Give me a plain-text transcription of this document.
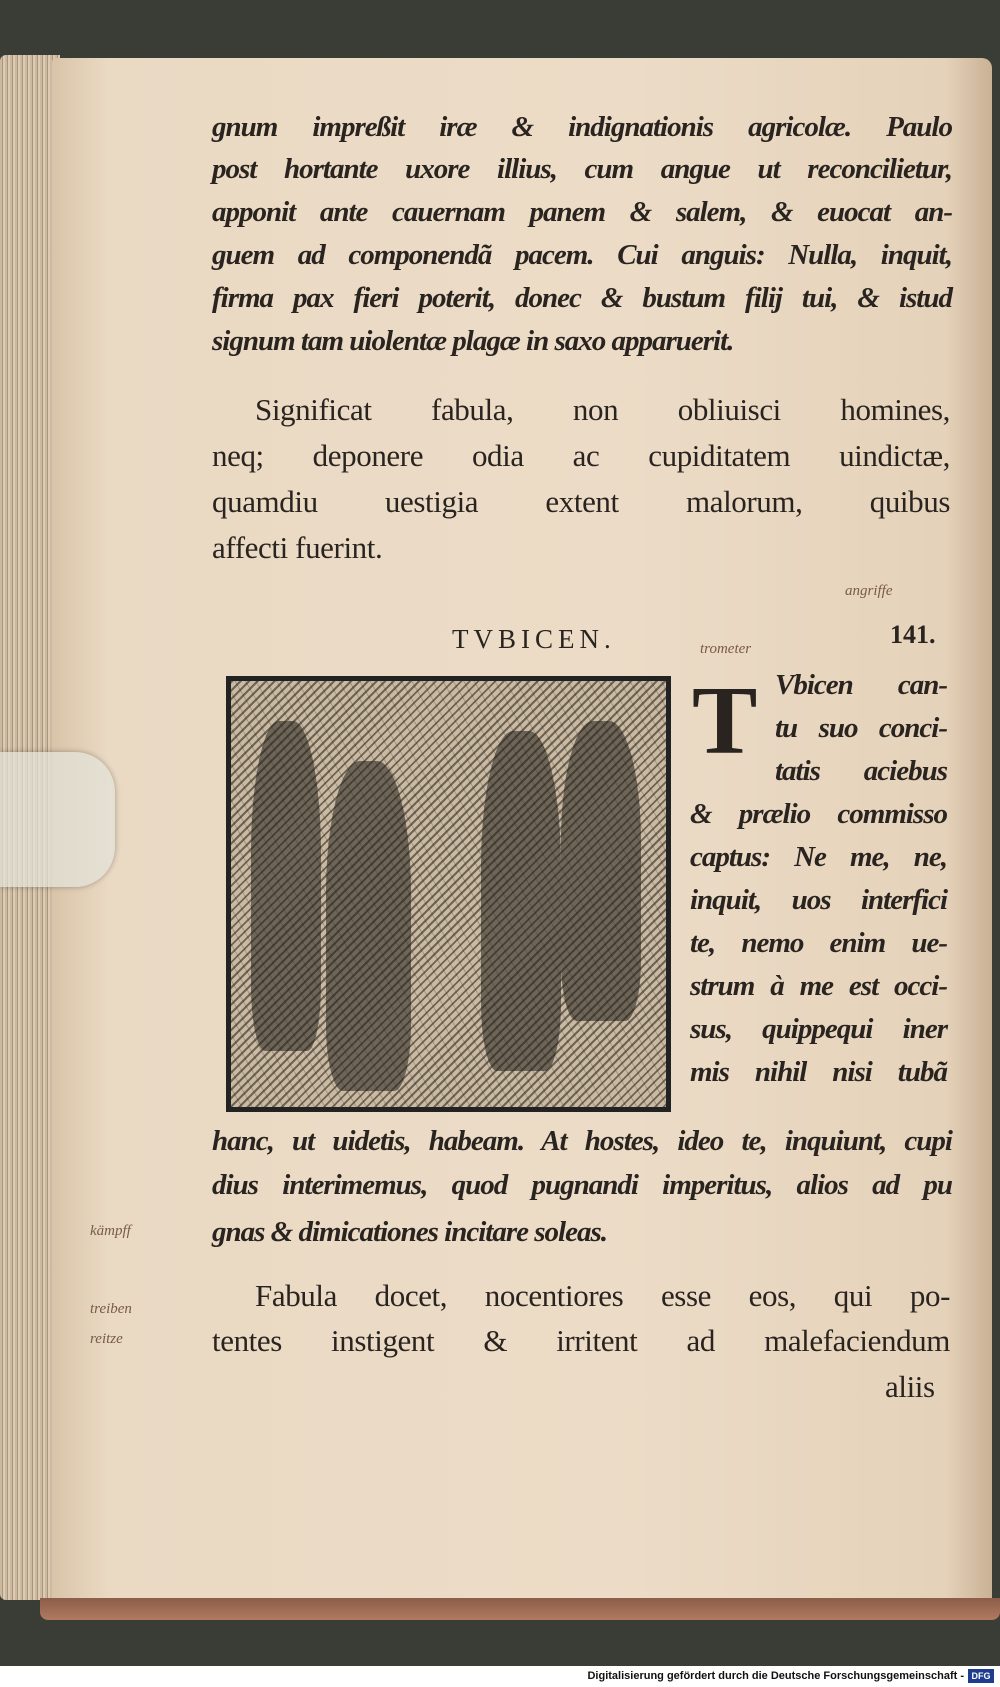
gnum impreßit iræ & indignationis agricolæ. Paulo
post hortante uxore illius, cum angue ut reconcilietur,
apponit ante cauernam panem & salem, & euocat an-
guem ad componendã pacem. Cui anguis: Nulla, inquit,
firma pax fieri poterit, donec & bustum filij tui, & istud
signum tam uiolentæ plagæ in saxo apparuerit.
Significat fabula, non obliuisci homines,
neq; deponere odia ac cupiditatem uindictæ,
quamdiu uestigia extent malorum, quibus
affecti fuerint.
angriffe
TVBICEN.	141.
trometer
T Vbicen can-
tu suo conci-
tatis aciebus
& prælio commisso
captus: Ne me, ne,
inquit, uos interfici
te, nemo enim ue-
strum à me est occi-
sus, quippequi iner
mis nihil nisi tubã
hanc, ut uidetis, habeam. At hostes, ideo te, inquiunt, cupi
dius interimemus, quod pugnandi imperitus, alios ad pu
kämpff	gnas & dimicationes incitare soleas.
Fabula docet, nocentiores esse eos, qui po-
treiben
reitze	tentes instigent & irritent ad malefaciendum
aliis
Digitalisierung gefördert durch die Deutsche Forschungsgemeinschaft - DFG
